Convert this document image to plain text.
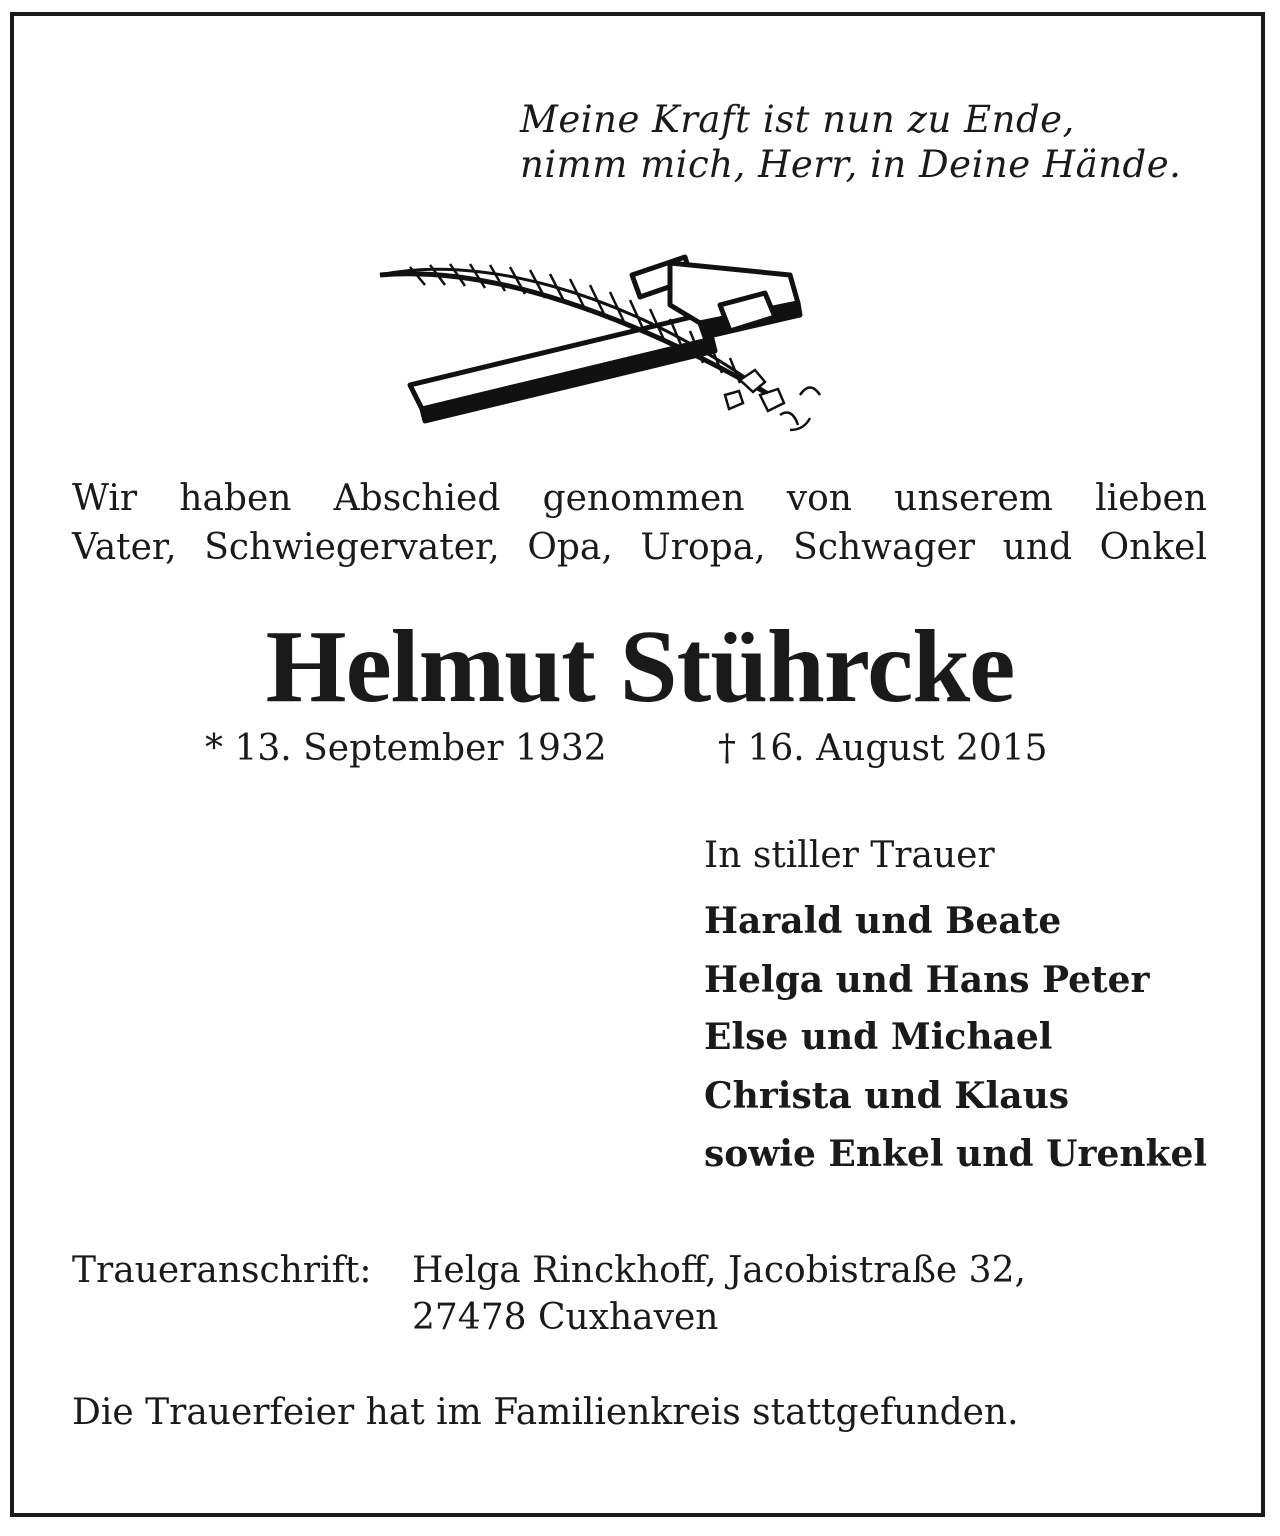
Meine Kraft ist nun zu Ende,

nimm mich, Herr, in Deine Hände.

Wir haben Abschied genommen von unserem lieben

Vater, Schwiegervater, Opa, Uropa, Schwager und Onkel

Helmut Stührcke

* 13. September 1932	† 16. August 2015

In stiller Trauer

Harald und Beate

Helga und Hans Peter

Else und Michael

Christa und Klaus

sowie Enkel und Urenkel

Traueranschrift: Helga Rinckhoff, Jacobistraße 32,

27478 Cuxhaven

Die Trauerfeier hat im Familienkreis stattgefunden.
